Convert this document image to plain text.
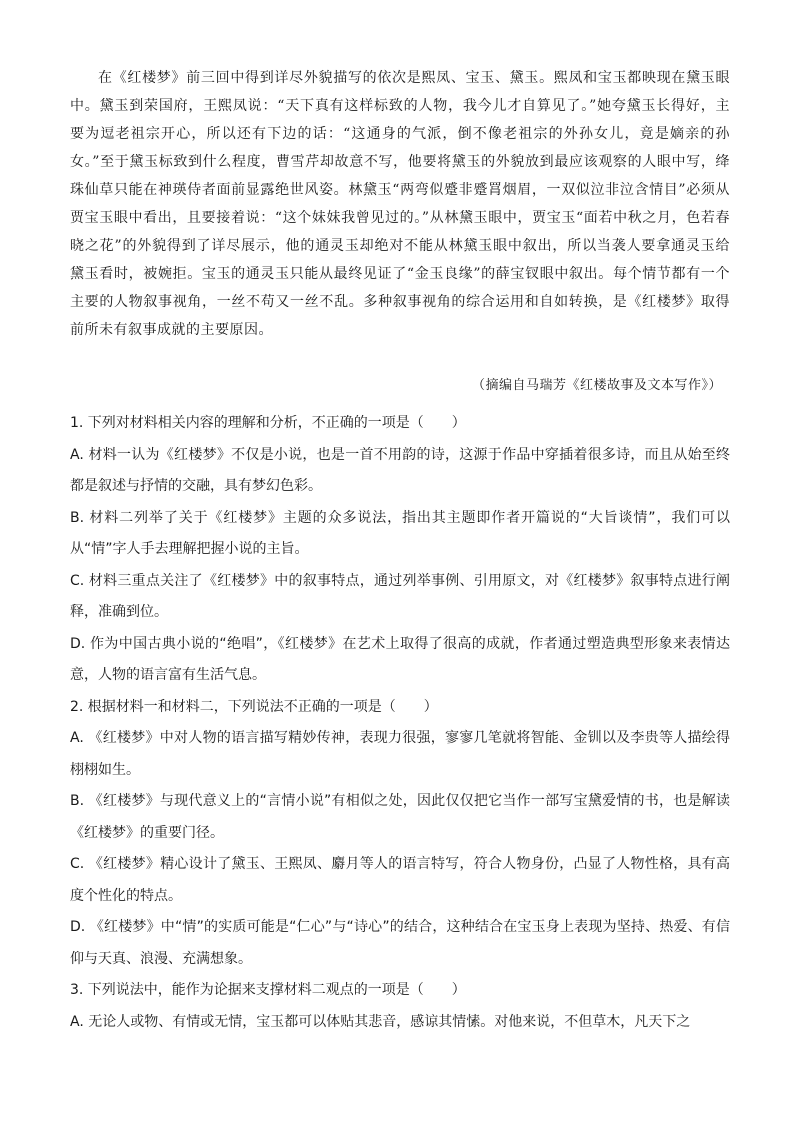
在《红楼梦》前三回中得到详尽外貌描写的依次是熙凤、宝玉、黛玉。熙凤和宝玉都映现在黛玉眼中。黛玉到荣国府，王熙凤说：“天下真有这样标致的人物，我今儿才自算见了。”她夸黛玉长得好，主要为逗老祖宗开心，所以还有下边的话：“这通身的气派，倒不像老祖宗的外孙女儿，竟是嫡亲的孙女。”至于黛玉标致到什么程度，曹雪芹却故意不写，他要将黛玉的外貌放到最应该观察的人眼中写，绛珠仙草只能在神瑛侍者面前显露绝世风姿。林黛玉“两弯似蹙非蹙罥烟眉，一双似泣非泣含情目”必须从贾宝玉眼中看出，且要接着说：“这个妹妹我曾见过的。”从林黛玉眼中，贾宝玉“面若中秋之月，色若春晓之花”的外貌得到了详尽展示，他的通灵玉却绝对不能从林黛玉眼中叙出，所以当袭人要拿通灵玉给黛玉看时，被婉拒。宝玉的通灵玉只能从最终见证了“金玉良缘”的薛宝钗眼中叙出。每个情节都有一个主要的人物叙事视角，一丝不苟又一丝不乱。多种叙事视角的综合运用和自如转换，是《红楼梦》取得前所未有叙事成就的主要原因。

（摘编自马瑞芳《红楼故事及文本写作》）

1. 下列对材料相关内容的理解和分析，不正确的一项是（　　）

A. 材料一认为《红楼梦》不仅是小说，也是一首不用韵的诗，这源于作品中穿插着很多诗，而且从始至终都是叙述与抒情的交融，具有梦幻色彩。

B. 材料二列举了关于《红楼梦》主题的众多说法，指出其主题即作者开篇说的“大旨谈情”，我们可以从“情”字人手去理解把握小说的主旨。

C. 材料三重点关注了《红楼梦》中的叙事特点，通过列举事例、引用原文，对《红楼梦》叙事特点进行阐释，准确到位。

D. 作为中国古典小说的“绝唱”，《红楼梦》在艺术上取得了很高的成就，作者通过塑造典型形象来表情达意，人物的语言富有生活气息。

2. 根据材料一和材料二，下列说法不正确的一项是（　　）

A. 《红楼梦》中对人物的语言描写精妙传神，表现力很强，寥寥几笔就将智能、金钏以及李贵等人描绘得栩栩如生。

B. 《红楼梦》与现代意义上的“言情小说”有相似之处，因此仅仅把它当作一部写宝黛爱情的书，也是解读《红楼梦》的重要门径。

C. 《红楼梦》精心设计了黛玉、王熙凤、麝月等人的语言特写，符合人物身份，凸显了人物性格，具有高度个性化的特点。

D. 《红楼梦》中“情”的实质可能是“仁心”与“诗心”的结合，这种结合在宝玉身上表现为坚持、热爱、有信仰与天真、浪漫、充满想象。

3. 下列说法中，能作为论据来支撑材料二观点的一项是（　　）

A. 无论人或物、有情或无情，宝玉都可以体贴其悲音，感谅其情愫。对他来说，不但草木，凡天下之
